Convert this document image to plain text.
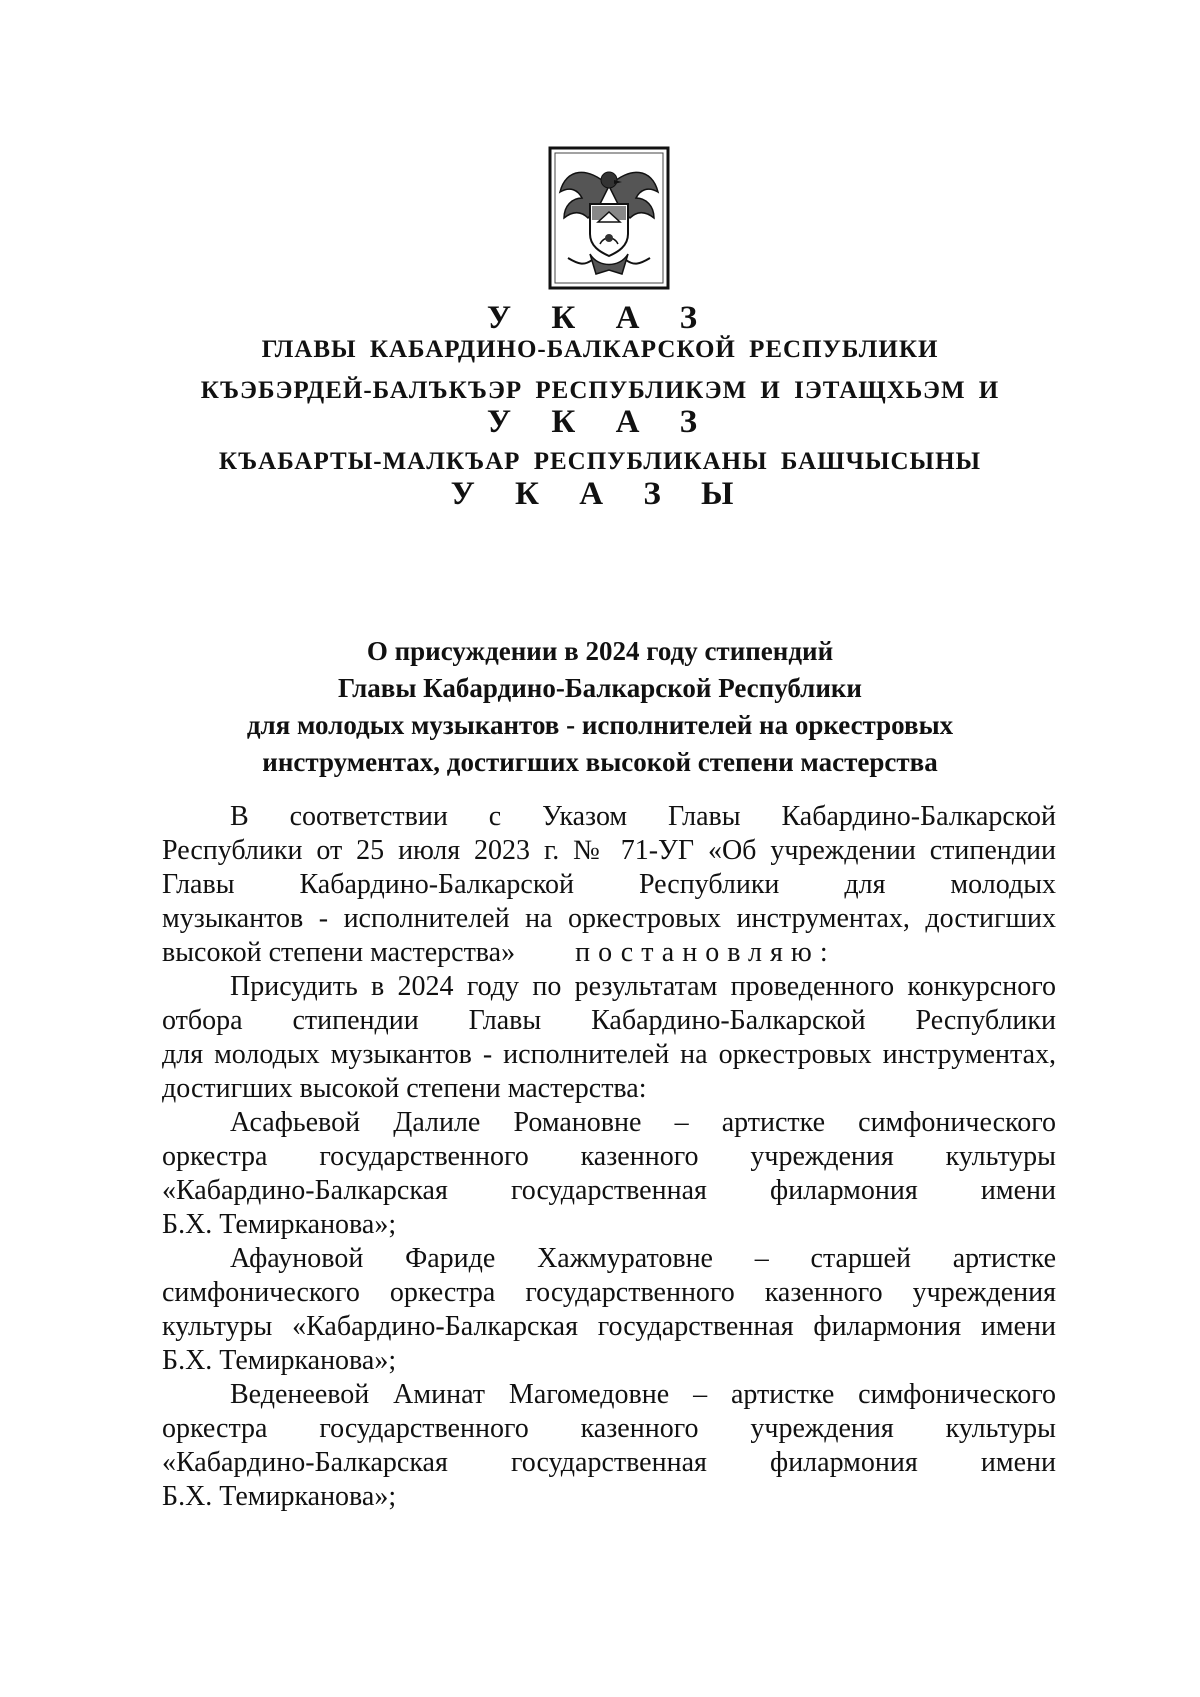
У К А З
ГЛАВЫ КАБАРДИНО-БАЛКАРСКОЙ РЕСПУБЛИКИ
КЪЭБЭРДЕЙ-БАЛЪКЪЭР РЕСПУБЛИКЭМ И ІЭТАЩХЬЭМ И
У К А З
КЪАБАРТЫ-МАЛКЪАР РЕСПУБЛИКАНЫ БАШЧЫСЫНЫ
У К А З Ы
О присуждении в 2024 году стипендий
Главы Кабардино-Балкарской Республики
для молодых музыкантов - исполнителей на оркестровых
инструментах, достигших высокой степени мастерства
В соответствии с Указом Главы Кабардино-Балкарской
Республики от 25 июля 2023 г. № 71-УГ «Об учреждении стипендии
Главы Кабардино-Балкарской Республики для молодых
музыкантов - исполнителей на оркестровых инструментах, достигших
высокой степени мастерства» постановляю:
Присудить в 2024 году по результатам проведенного конкурсного
отбора стипендии Главы Кабардино-Балкарской Республики
для молодых музыкантов - исполнителей на оркестровых инструментах,
достигших высокой степени мастерства:
Асафьевой Далиле Романовне – артистке симфонического
оркестра государственного казенного учреждения культуры
«Кабардино-Балкарская государственная филармония имени
Б.Х. Темирканова»;
Афауновой Фариде Хажмуратовне – старшей артистке
симфонического оркестра государственного казенного учреждения
культуры «Кабардино-Балкарская государственная филармония имени
Б.Х. Темирканова»;
Веденеевой Аминат Магомедовне – артистке симфонического
оркестра государственного казенного учреждения культуры
«Кабардино-Балкарская государственная филармония имени
Б.Х. Темирканова»;
